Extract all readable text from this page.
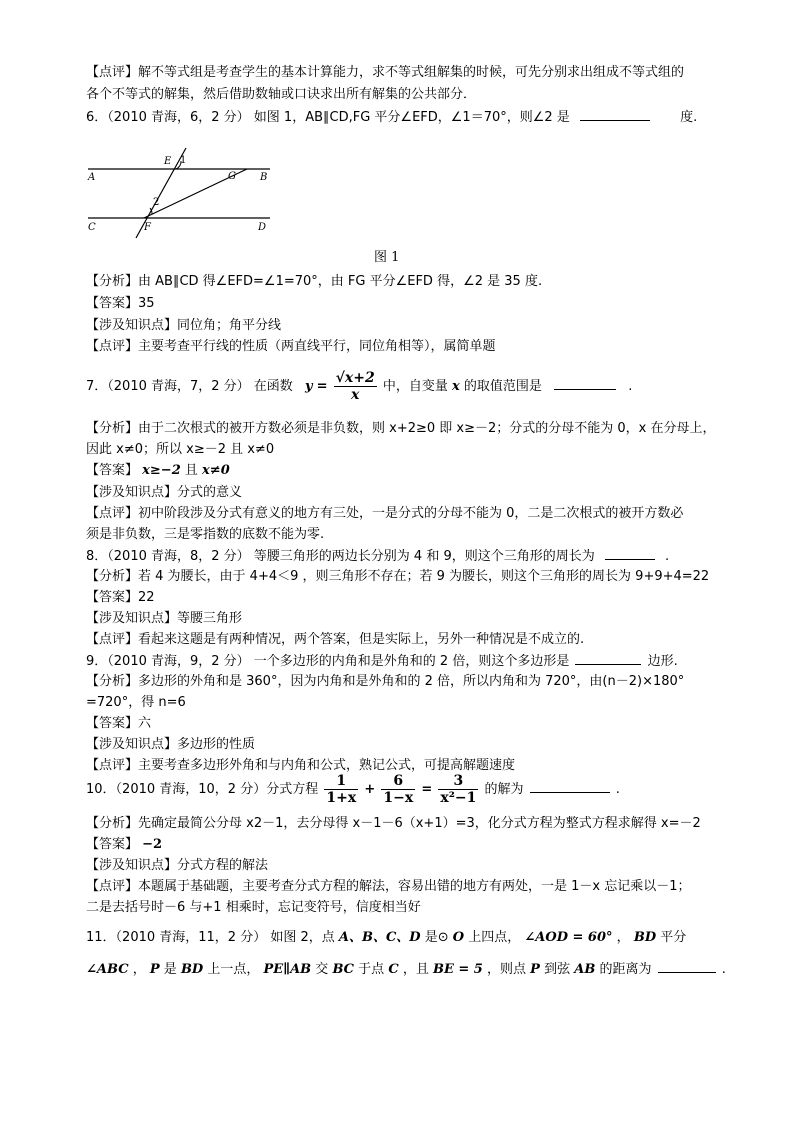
【点评】解不等式组是考查学生的基本计算能力，求不等式组解集的时候，可先分别求出组成不等式组的
各个不等式的解集，然后借助数轴或口诀求出所有解集的公共部分．
6．（2010 青海，6，2 分） 如图 1，AB∥CD,FG 平分∠EFD，∠1＝70°，则∠2 是	度.
E 1
G
A	B
2
C	F	D
图 1
【分析】由 AB∥CD 得∠EFD=∠1=70°，由 FG 平分∠EFD 得，∠2 是 35 度.
【答案】35
【涉及知识点】同位角；角平分线
【点评】主要考查平行线的性质（两直线平行，同位角相等），属简单题
7．（2010 青海，7，2 分） 在函数 $y = \frac{√x+2}{x}$ 中，自变量 x 的取值范围是	.
【分析】由于二次根式的被开方数必须是非负数，则 x+2≥0 即 x≥－2；分式的分母不能为 0，x 在分母上，
因此 x≠0；所以 x≥－2 且 x≠0
【答案】 x≥−2 且 x≠0
【涉及知识点】分式的意义
【点评】初中阶段涉及分式有意义的地方有三处，一是分式的分母不能为 0，二是二次根式的被开方数必
须是非负数，三是零指数的底数不能为零.
8．（2010 青海，8，2 分） 等腰三角形的两边长分别为 4 和 9，则这个三角形的周长为	.
【分析】若 4 为腰长，由于 4+4＜9 ，则三角形不存在；若 9 为腰长，则这个三角形的周长为 9+9+4=22
【答案】22
【涉及知识点】等腰三角形
【点评】看起来这题是有两种情况，两个答案，但是实际上，另外一种情况是不成立的.
9．（2010 青海，9，2 分） 一个多边形的内角和是外角和的 2 倍，则这个多边形是	边形.
【分析】多边形的外角和是 360°，因为内角和是外角和的 2 倍，所以内角和为 720°，由(n－2)×180°
=720°，得 n=6
【答案】六
【涉及知识点】多边形的性质
【点评】主要考查多边形外角和与内角和公式，熟记公式，可提高解题速度
10．（2010 青海，10，2 分）分式方程 $\frac{1}{1+x} + \frac{6}{1-x} = \frac{3}{\text{x²−1}}$ 的解为	.
【分析】先确定最简公分母 x2－1，去分母得 x－1－6（x+1）=3，化分式方程为整式方程求解得 x=－2
【答案】 −2
【涉及知识点】分式方程的解法
【点评】本题属于基础题，主要考查分式方程的解法，容易出错的地方有两处，一是 1－x 忘记乘以－1；
二是去括号时－6 与+1 相乘时，忘记变符号，信度相当好
11．（2010 青海，11，2 分） 如图 2，点 A、B、C、D 是⊙ O 上四点， ∠AOD = 60° ， BD 平分
∠ABC ， P 是 BD 上一点， PE∥AB 交 BC 于点 C ，且 BE = 5 ，则点 P 到弦 AB 的距离为	.
